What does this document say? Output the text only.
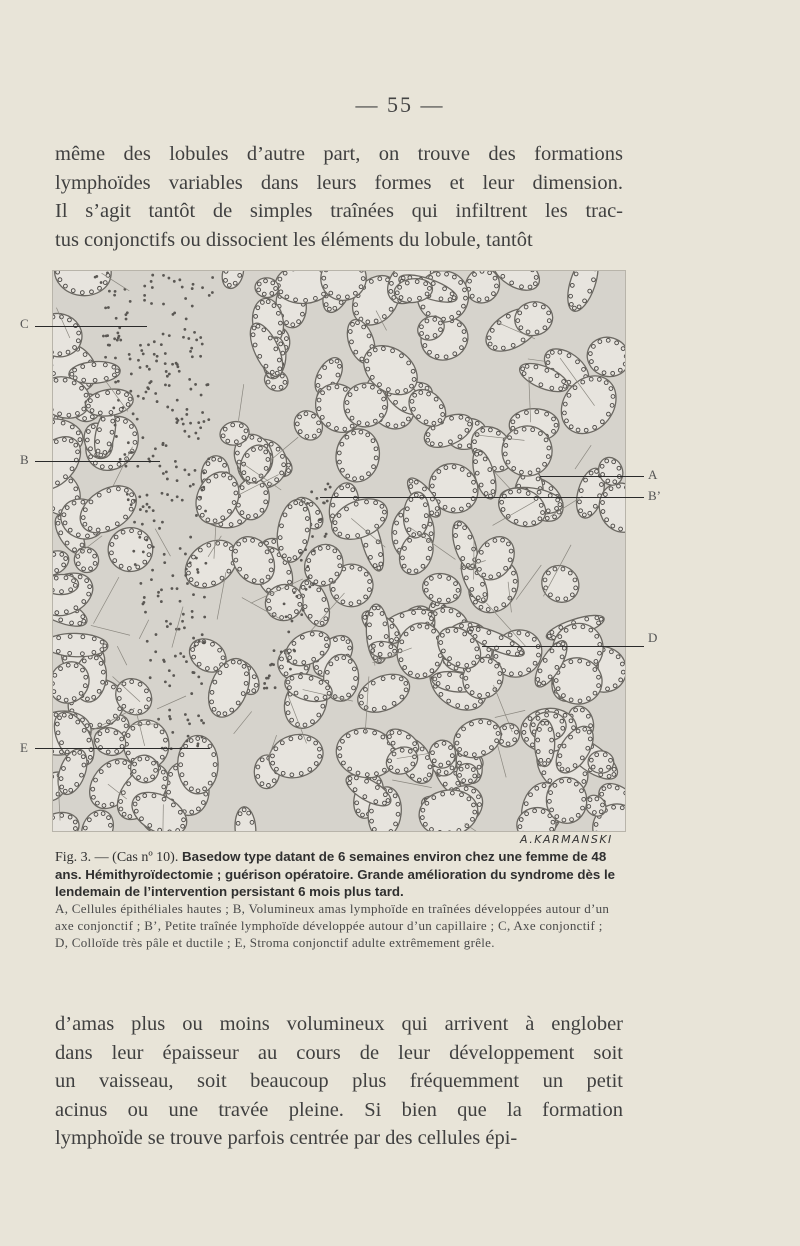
— 55 —
même des lobules d’autre part, on trouve des formations
lymphoïdes variables dans leurs formes et leur dimension.
Il s’agit tantôt de simples traînées qui infiltrent les trac-
tus conjonctifs ou dissocient les éléments du lobule, tantôt
C
B
E
A
B’
D
A.KARMANSKI
Fig. 3. — (Cas nº 10). Basedow type datant de 6 semaines environ chez une femme de 48 ans. Hémithyroïdectomie ; guérison opératoire. Grande amélioration du syndrome dès le lendemain de l’intervention persistant 6 mois plus tard.
A, Cellules épithéliales hautes ; B, Volumineux amas lymphoïde en traînées développées autour d’un axe conjonctif ; B’, Petite traînée lymphoïde développée autour d’un capillaire ; C, Axe conjonctif ; D, Colloïde très pâle et ductile ; E, Stroma conjonctif adulte extrêmement grêle.
d’amas plus ou moins volumineux qui arrivent à englober
dans leur épaisseur au cours de leur développement soit
un vaisseau, soit beaucoup plus fréquemment un petit
acinus ou une travée pleine. Si bien que la formation
lymphoïde se trouve parfois centrée par des cellules épi-
